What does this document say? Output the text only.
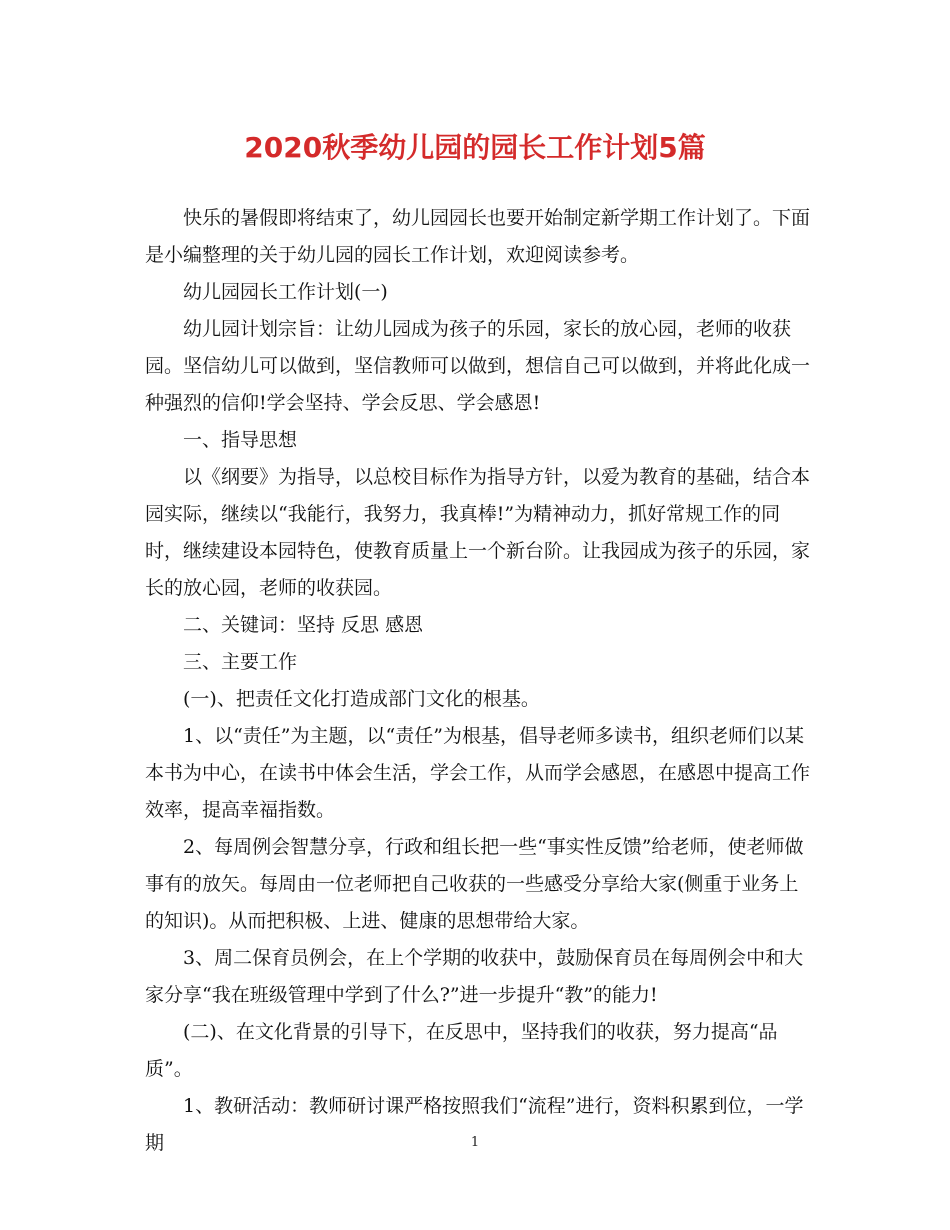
2020秋季幼儿园的园长工作计划5篇

快乐的暑假即将结束了，幼儿园园长也要开始制定新学期工作计划了。下面是小编整理的关于幼儿园的园长工作计划，欢迎阅读参考。

幼儿园园长工作计划(一)

幼儿园计划宗旨：让幼儿园成为孩子的乐园，家长的放心园，老师的收获园。坚信幼儿可以做到，坚信教师可以做到，想信自己可以做到，并将此化成一种强烈的信仰!学会坚持、学会反思、学会感恩!

一、指导思想

以《纲要》为指导，以总校目标作为指导方针，以爱为教育的基础，结合本园实际，继续以“我能行，我努力，我真棒!”为精神动力，抓好常规工作的同时，继续建设本园特色，使教育质量上一个新台阶。让我园成为孩子的乐园，家长的放心园，老师的收获园。

二、关键词：坚持 反思 感恩

三、主要工作

(一)、把责任文化打造成部门文化的根基。

1、以“责任”为主题，以“责任”为根基，倡导老师多读书，组织老师们以某本书为中心，在读书中体会生活，学会工作，从而学会感恩，在感恩中提高工作效率，提高幸福指数。

2、每周例会智慧分享，行政和组长把一些“事实性反馈”给老师，使老师做事有的放矢。每周由一位老师把自己收获的一些感受分享给大家(侧重于业务上的知识)。从而把积极、上进、健康的思想带给大家。

3、周二保育员例会，在上个学期的收获中，鼓励保育员在每周例会中和大家分享“我在班级管理中学到了什么?”进一步提升“教”的能力!

(二)、在文化背景的引导下，在反思中，坚持我们的收获，努力提高“品质”。

1、教研活动：教师研讨课严格按照我们“流程”进行，资料积累到位，一学期	1
